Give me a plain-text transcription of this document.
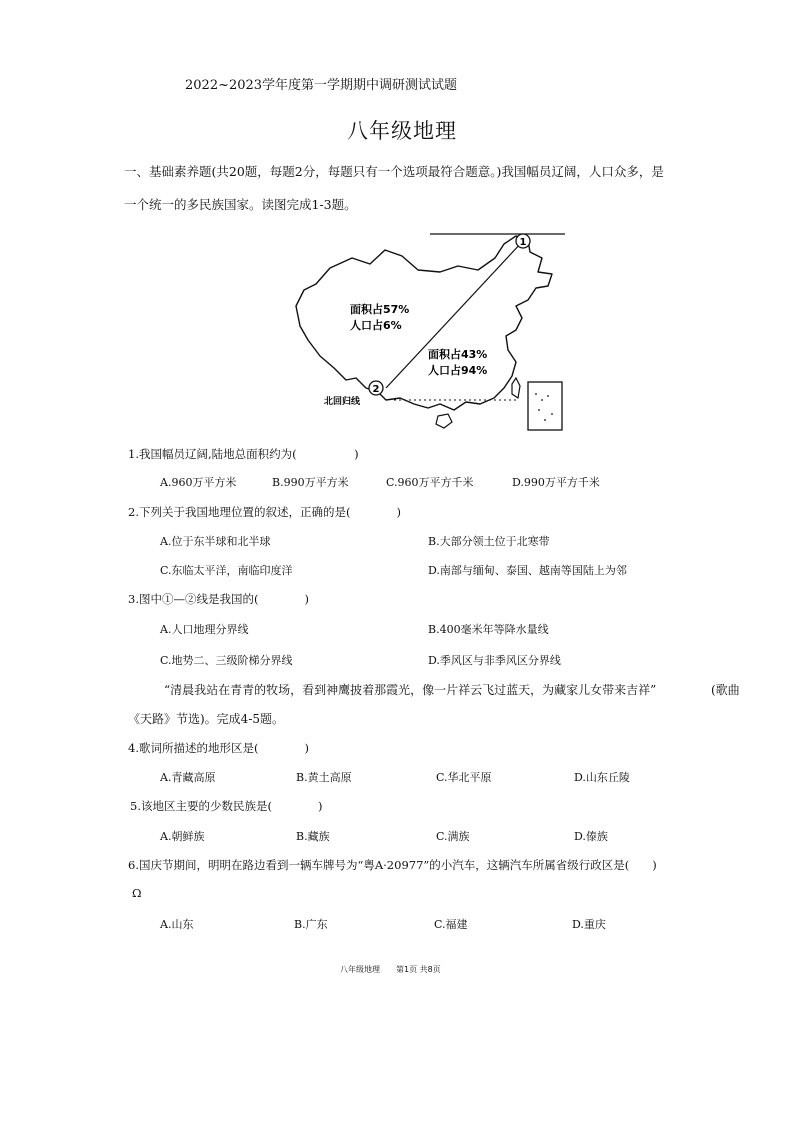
2022~2023学年度第一学期期中调研测试试题
八年级地理
一、基础素养题(共20题，每题2分，每题只有一个选项最符合题意。)我国幅员辽阔，人口众多，是
一个统一的多民族国家。读图完成1-3题。
1
2
面积占57%
人口占6%
面积占43%
人口占94%
北回归线
1.我国幅员辽阔,陆地总面积约为(　　　　　)
A.960万平方米	B.990万平方米	C.960万平方千米	D.990万平方千米
2.下列关于我国地理位置的叙述，正确的是(　　　　)
A.位于东半球和北半球	B.大部分领土位于北寒带
C.东临太平洋，南临印度洋	D.南部与缅甸、泰国、越南等国陆上为邻
3.图中①—②线是我国的(　　　　)
A.人口地理分界线	B.400毫米年等降水量线
C.地势二、三级阶梯分界线	D.季风区与非季风区分界线
“清晨我站在青青的牧场，看到神鹰披着那霞光，像一片祥云飞过蓝天，为藏家儿女带来吉祥”	(歌曲
《天路》节选)。完成4-5题。
4.歌词所描述的地形区是(　　　　)
A.青藏高原	B.黄土高原	C.华北平原	D.山东丘陵
5.该地区主要的少数民族是(　　　　)
A.朝鲜族	B.藏族	C.满族	D.傣族
6.国庆节期间，明明在路边看到一辆车牌号为“粤A·20977”的小汽车，这辆汽车所属省级行政区是(　　)
Ω
A.山东	B.广东	C.福建	D.重庆
八年级地理　　第1页 共8页
